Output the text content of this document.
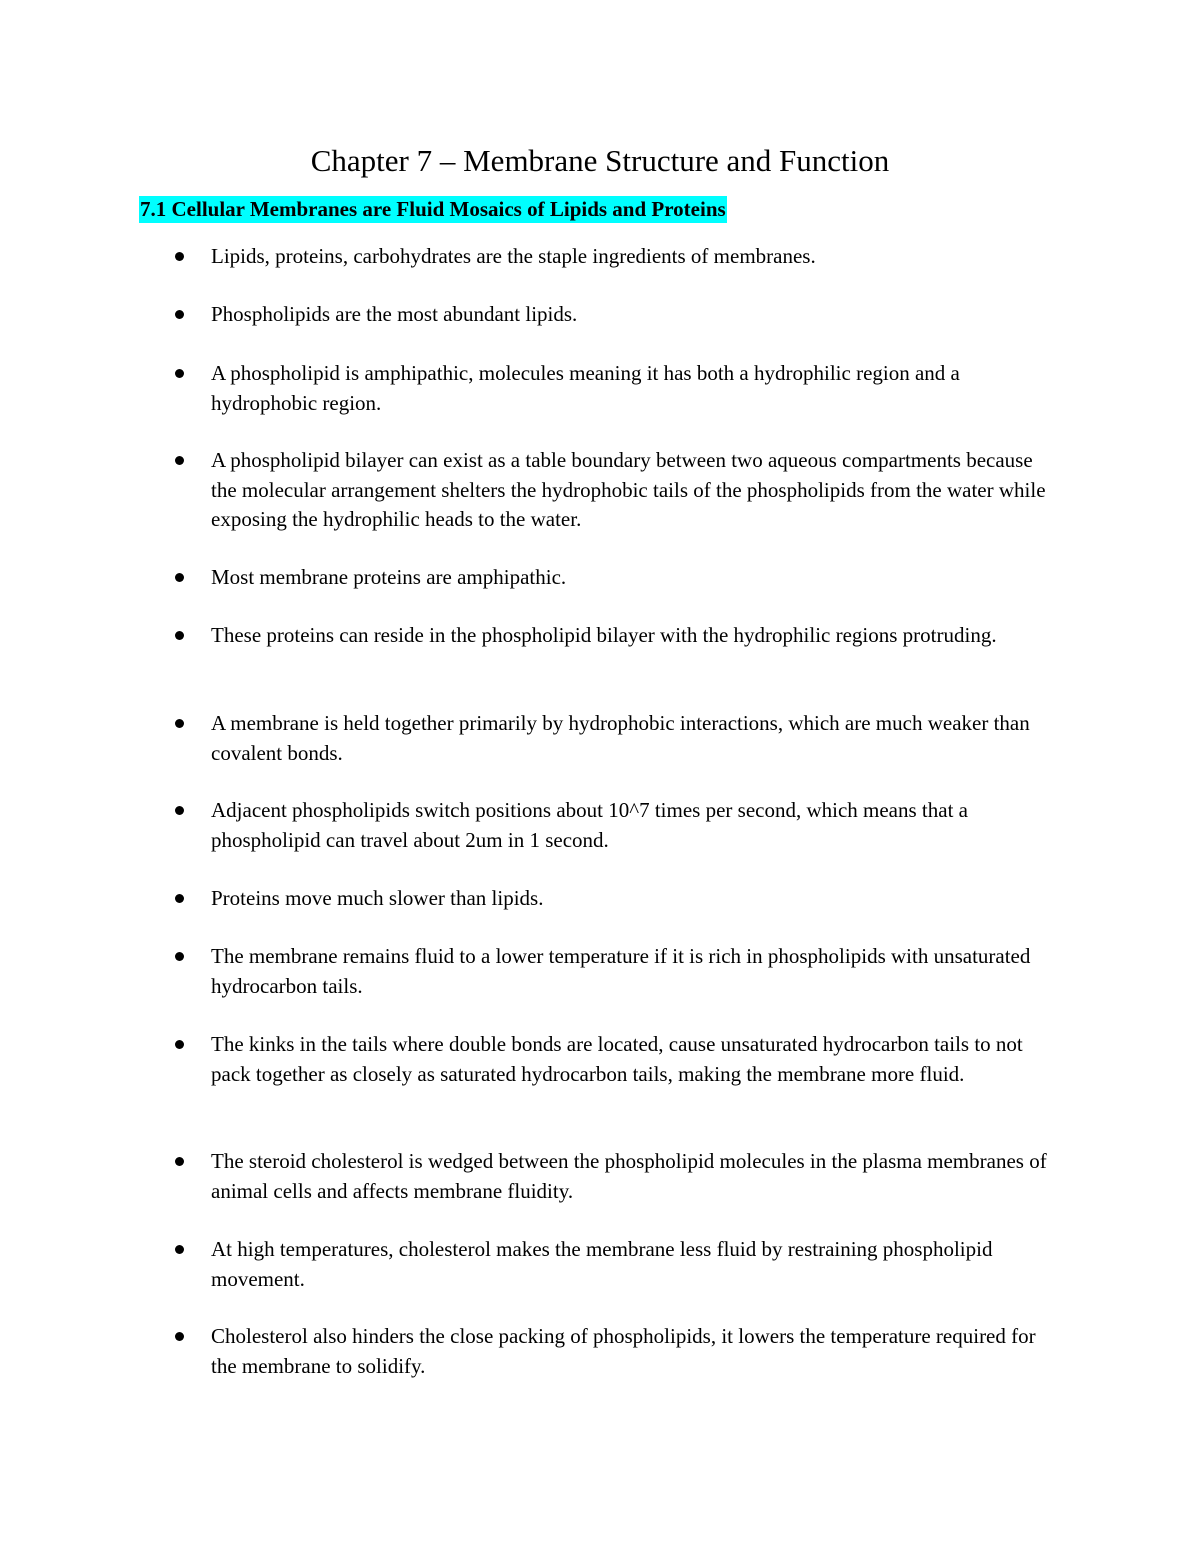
Chapter 7 – Membrane Structure and Function
7.1 Cellular Membranes are Fluid Mosaics of Lipids and Proteins

Lipids, proteins, carbohydrates are the staple ingredients of membranes.

Phospholipids are the most abundant lipids.

A phospholipid is amphipathic, molecules meaning it has both a hydrophilic region and a hydrophobic region.

A phospholipid bilayer can exist as a table boundary between two aqueous compartments because the molecular arrangement shelters the hydrophobic tails of the phospholipids from the water while exposing the hydrophilic heads to the water.

Most membrane proteins are amphipathic.

These proteins can reside in the phospholipid bilayer with the hydrophilic regions protruding.

A membrane is held together primarily by hydrophobic interactions, which are much weaker than covalent bonds.

Adjacent phospholipids switch positions about 10^7 times per second, which means that a phospholipid can travel about 2um in 1 second.

Proteins move much slower than lipids.

The membrane remains fluid to a lower temperature if it is rich in phospholipids with unsaturated hydrocarbon tails.

The kinks in the tails where double bonds are located, cause unsaturated hydrocarbon tails to not pack together as closely as saturated hydrocarbon tails, making the membrane more fluid.

The steroid cholesterol is wedged between the phospholipid molecules in the plasma membranes of animal cells and affects membrane fluidity.

At high temperatures, cholesterol makes the membrane less fluid by restraining phospholipid movement.

Cholesterol also hinders the close packing of phospholipids, it lowers the temperature required for the membrane to solidify.
